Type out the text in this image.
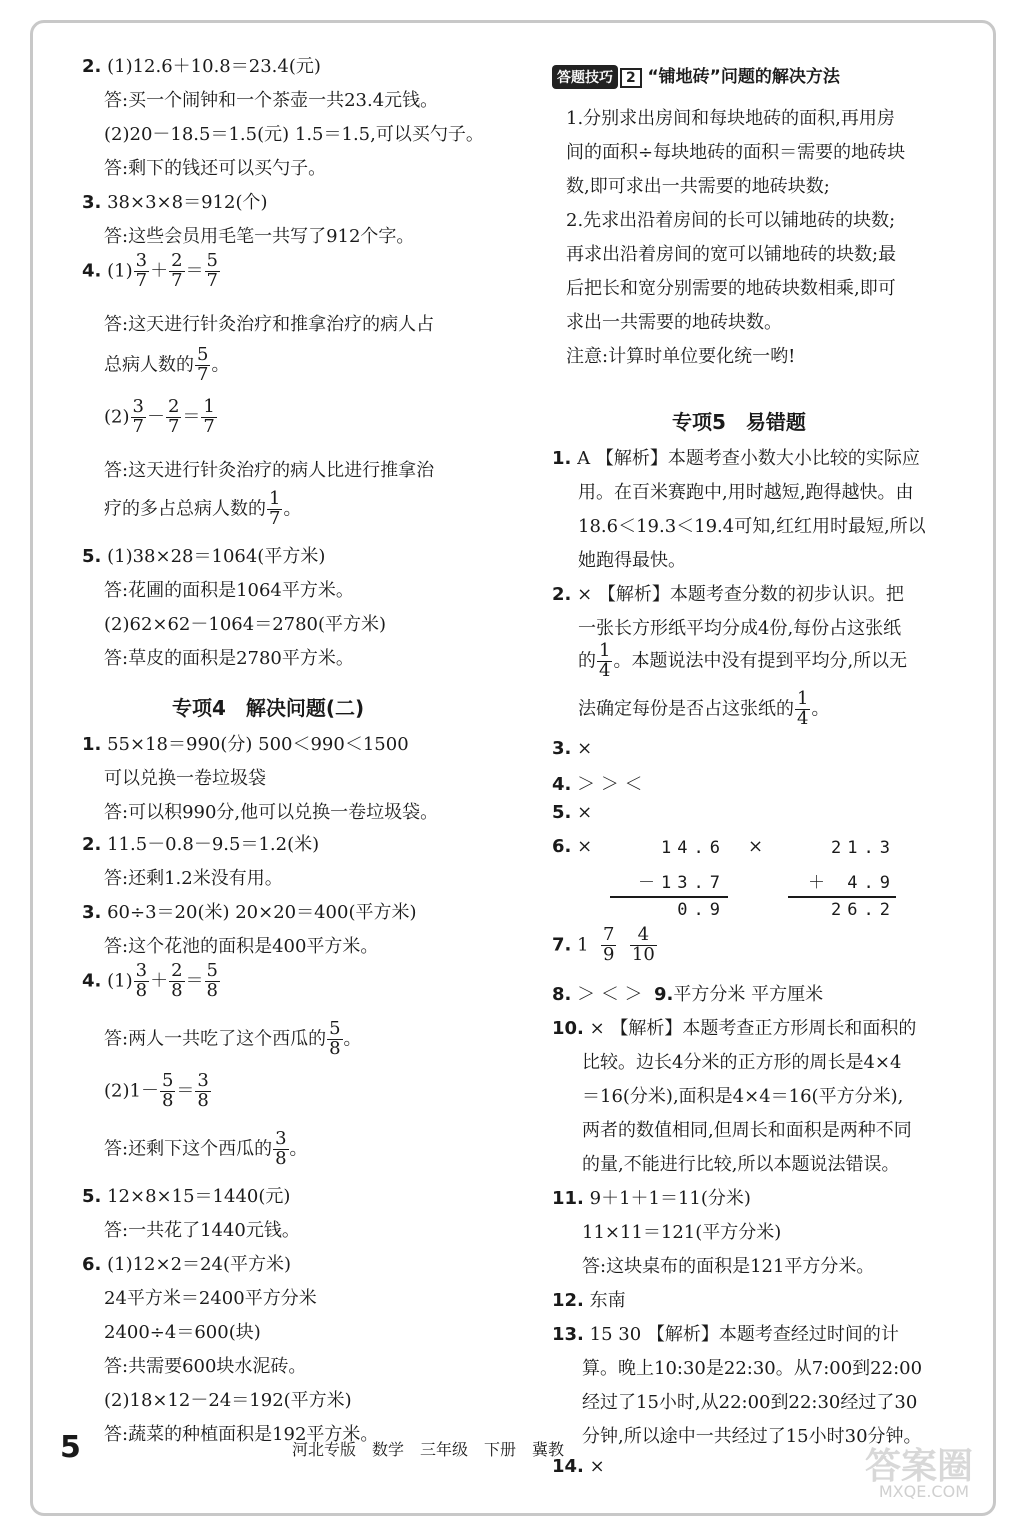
2. (1)12.6＋10.8＝23.4(元)
答:买一个闹钟和一个茶壶一共23.4元钱。
(2)20－18.5＝1.5(元) 1.5＝1.5,可以买勺子。
答:剩下的钱还可以买勺子。
3. 38×3×8＝912(个)
答:这些会员用毛笔一共写了912个字。
4. $(1) \frac{3}{7} + \frac{2}{7} = \frac{5}{7}$
答:这天进行针灸治疗和推拿治疗的病人占
总病人数的 $\frac{5}{7}$ 。
$(2) \frac{3}{7} - \frac{2}{7} = \frac{1}{7}$
答:这天进行针灸治疗的病人比进行推拿治
疗的多占总病人数的 $\frac{1}{7}$ 。
5. (1)38×28＝1064(平方米)
答:花圃的面积是1064平方米。
(2)62×62－1064＝2780(平方米)
答:草皮的面积是2780平方米。
专项4　解决问题(二)
1. 55×18＝990(分) 500＜990＜1500
可以兑换一卷垃圾袋
答:可以积990分,他可以兑换一卷垃圾袋。
2. 11.5－0.8－9.5＝1.2(米)
答:还剩1.2米没有用。
3. 60÷3＝20(米) 20×20＝400(平方米)
答:这个花池的面积是400平方米。
4. $(1) \frac{3}{8} + \frac{2}{8} = \frac{5}{8}$
答:两人一共吃了这个西瓜的 $\frac{5}{8}$ 。
$(2)1- \frac{5}{8} = \frac{3}{8}$
答:还剩下这个西瓜的 $\frac{3}{8}$ 。
5. 12×8×15＝1440(元)
答:一共花了1440元钱。
6. (1)12×2＝24(平方米)
24平方米＝2400平方分米
2400÷4＝600(块)
答:共需要600块水泥砖。
(2)18×12－24＝192(平方米)
答:蔬菜的种植面积是192平方米。
答题技巧 2 “铺地砖”问题的解决方法
1.分别求出房间和每块地砖的面积,再用房
间的面积÷每块地砖的面积＝需要的地砖块
数,即可求出一共需要的地砖块数;
2.先求出沿着房间的长可以铺地砖的块数;
再求出沿着房间的宽可以铺地砖的块数;最
后把长和宽分别需要的地砖块数相乘,即可
求出一共需要的地砖块数。
注意:计算时单位要化统一哟!
专项5　易错题
1. A 【解析】本题考查小数大小比较的实际应
用。在百米赛跑中,用时越短,跑得越快。由
18.6＜19.3＜19.4可知,红红用时最短,所以
她跑得最快。
2. × 【解析】本题考查分数的初步认识。把
一张长方形纸平均分成4份,每份占这张纸
的 $\frac{1}{4}$ 。本题说法中没有提到平均分,所以无
法确定每份是否占这张纸的 $\frac{1}{4}$ 。
3. ×
4. ＞ ＞ ＜
5. ×
6. ×	×
14.6
－13.7
0.9
21.3
＋ 4.9
26.2
7. $1 \frac{7}{9}$
$\frac{4}{10}$
8. ＞ ＜ ＞ 9.平方分米 平方厘米
10. × 【解析】本题考查正方形周长和面积的
比较。边长4分米的正方形的周长是4×4
＝16(分米),面积是4×4＝16(平方分米),
两者的数值相同,但周长和面积是两种不同
的量,不能进行比较,所以本题说法错误。
11. 9＋1＋1＝11(分米)
11×11＝121(平方分米)
答:这块桌布的面积是121平方分米。
12. 东南
13. 15 30 【解析】本题考查经过时间的计
算。晚上10:30是22:30。从7:00到22:00
经过了15小时,从22:00到22:30经过了30
分钟,所以途中一共经过了15小时30分钟。
14. ×
5	河北专版　数学　三年级　下册　冀教	答案圈
MXQE.COM
